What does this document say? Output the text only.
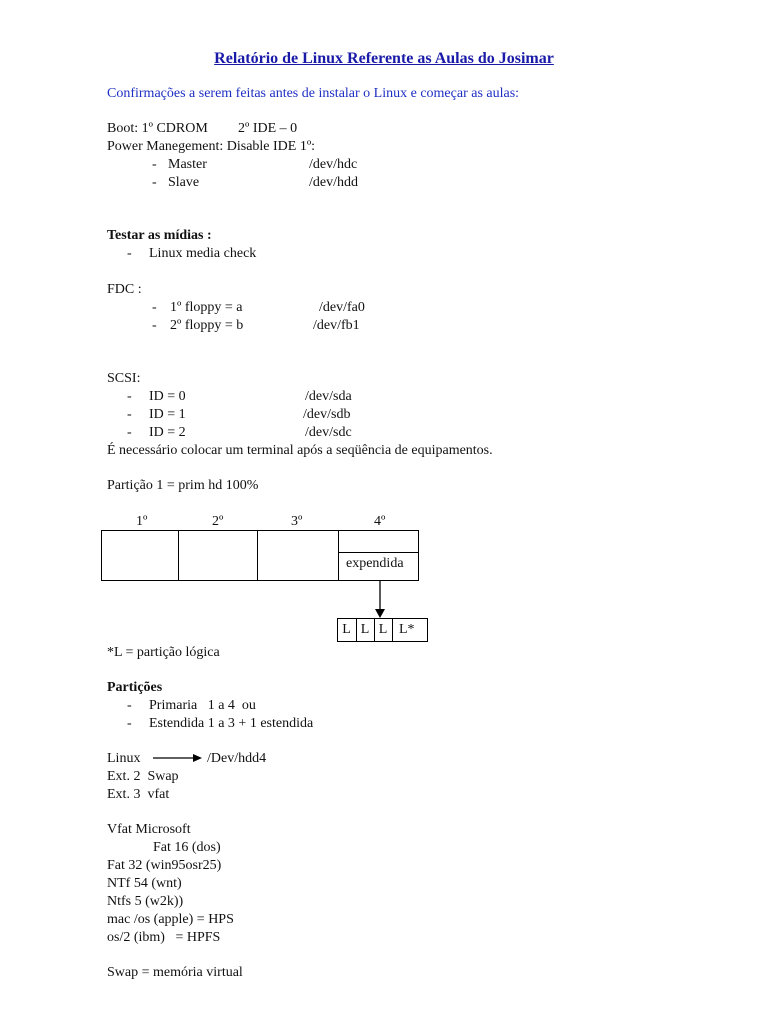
Relatório de Linux Referente as Aulas do Josimar
Confirmações a serem feitas antes de instalar o Linux e começar as aulas:
Boot: 1º CDROM 2º IDE – 0
Power Manegement: Disable IDE 1º:
- Master	/dev/hdc
- Slave	/dev/hdd
Testar as mídias :
- Linux media check
FDC :
- 1º floppy = a	/dev/fa0
- 2º floppy = b	/dev/fb1
SCSI:
- ID = 0	/dev/sda
- ID = 1	/dev/sdb
- ID = 2	/dev/sdc
É necessário colocar um terminal após a seqüência de equipamentos.
Partição 1 = prim hd 100%
1º	2º	3º	4º
expendida
L L L L*
*L = partição lógica
Partições
- Primaria   1 a 4  ou
- Estendida 1 a 3 + 1 estendida
Linux	/Dev/hdd4
Ext. 2  Swap
Ext. 3  vfat
Vfat Microsoft
Fat 16 (dos)
Fat 32 (win95osr25)
NTf 54 (wnt)
Ntfs 5 (w2k))
mac /os (apple) = HPS
os/2 (ibm)   = HPFS
Swap = memória virtual
